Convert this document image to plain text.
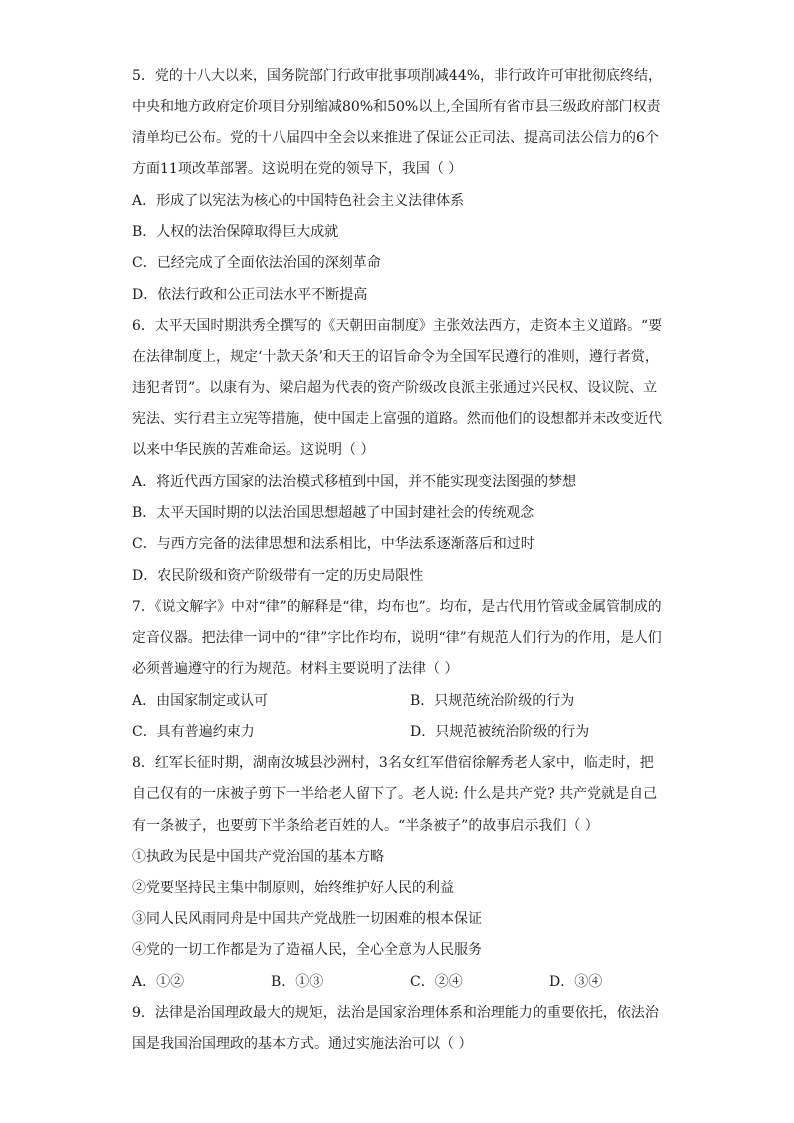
5．党的十八大以来，国务院部门行政审批事项削减44%，非行政许可审批彻底终结，
中央和地方政府定价项目分别缩减80%和50%以上,全国所有省市县三级政府部门权责
清单均已公布。党的十八届四中全会以来推进了保证公正司法、提高司法公信力的6个
方面11项改革部署。这说明在党的领导下，我国（ ）
A．形成了以宪法为核心的中国特色社会主义法律体系
B．人权的法治保障取得巨大成就
C．已经完成了全面依法治国的深刻革命
D．依法行政和公正司法水平不断提高
6．太平天国时期洪秀全撰写的《天朝田亩制度》主张效法西方，走资本主义道路。“要
在法律制度上，规定‘十款天条’和天王的诏旨命令为全国军民遵行的准则，遵行者赏，
违犯者罚”。以康有为、梁启超为代表的资产阶级改良派主张通过兴民权、设议院、立
宪法、实行君主立宪等措施，使中国走上富强的道路。然而他们的设想都并未改变近代
以来中华民族的苦难命运。这说明（ ）
A．将近代西方国家的法治模式移植到中国，并不能实现变法图强的梦想
B．太平天国时期的以法治国思想超越了中国封建社会的传统观念
C．与西方完备的法律思想和法系相比，中华法系逐渐落后和过时
D．农民阶级和资产阶级带有一定的历史局限性
7．《说文解字》中对“律”的解释是“律，均布也”。均布，是古代用竹管或金属管制成的
定音仪器。把法律一词中的“律”字比作均布，说明“律”有规范人们行为的作用，是人们
必须普遍遵守的行为规范。材料主要说明了法律（ ）
A．由国家制定或认可	B．只规范统治阶级的行为
C．具有普遍约束力	D．只规范被统治阶级的行为
8．红军长征时期，湖南汝城县沙洲村，3名女红军借宿徐解秀老人家中，临走时，把
自己仅有的一床被子剪下一半给老人留下了。老人说: 什么是共产党? 共产党就是自己
有一条被子，也要剪下半条给老百姓的人。“半条被子”的故事启示我们（ ）
①执政为民是中国共产党治国的基本方略
②党要坚持民主集中制原则，始终维护好人民的利益
③同人民风雨同舟是中国共产党战胜一切困难的根本保证
④党的一切工作都是为了造福人民，全心全意为人民服务
A．①②	B．①③	C．②④	D．③④
9．法律是治国理政最大的规矩，法治是国家治理体系和治理能力的重要依托，依法治
国是我国治国理政的基本方式。通过实施法治可以（ ）
